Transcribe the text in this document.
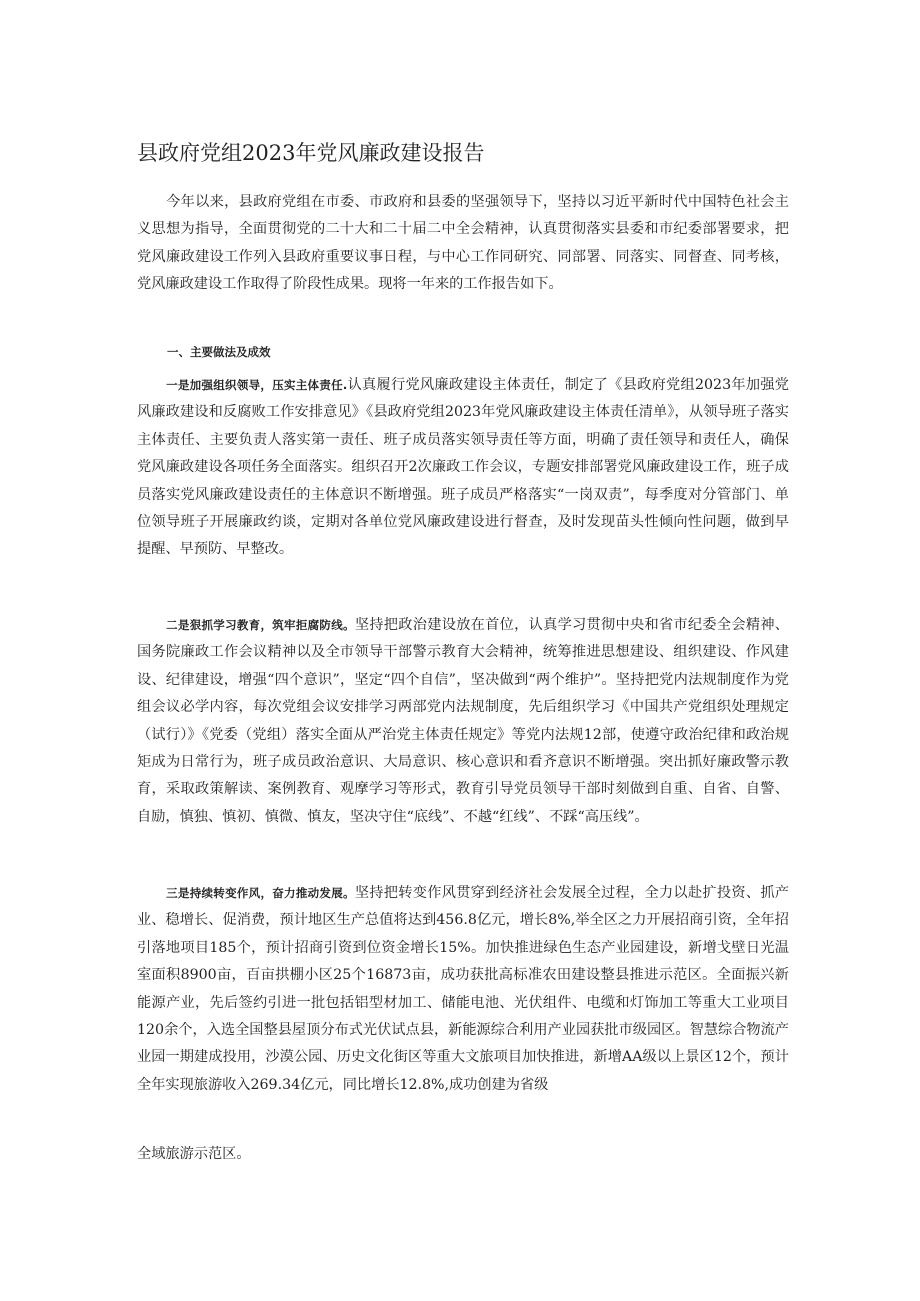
县政府党组2023年党风廉政建设报告

今年以来，县政府党组在市委、市政府和县委的坚强领导下，坚持以习近平新时代中国特色社会主义思想为指导，全面贯彻党的二十大和二十届二中全会精神，认真贯彻落实县委和市纪委部署要求，把党风廉政建设工作列入县政府重要议事日程，与中心工作同研究、同部署、同落实、同督查、同考核，党风廉政建设工作取得了阶段性成果。现将一年来的工作报告如下。

一、主要做法及成效

一是加强组织领导，压实主体责任.认真履行党风廉政建设主体责任，制定了《县政府党组2023年加强党风廉政建设和反腐败工作安排意见》《县政府党组2023年党风廉政建设主体责任清单》，从领导班子落实主体责任、主要负责人落实第一责任、班子成员落实领导责任等方面，明确了责任领导和责任人，确保党风廉政建设各项任务全面落实。组织召开2次廉政工作会议，专题安排部署党风廉政建设工作，班子成员落实党风廉政建设责任的主体意识不断增强。班子成员严格落实“一岗双责”，每季度对分管部门、单位领导班子开展廉政约谈，定期对各单位党风廉政建设进行督查，及时发现苗头性倾向性问题，做到早提醒、早预防、早整改。

二是狠抓学习教育，筑牢拒腐防线。坚持把政治建设放在首位，认真学习贯彻中央和省市纪委全会精神、国务院廉政工作会议精神以及全市领导干部警示教育大会精神，统筹推进思想建设、组织建设、作风建设、纪律建设，增强“四个意识”，坚定“四个自信”，坚决做到“两个维护”。坚持把党内法规制度作为党组会议必学内容，每次党组会议安排学习两部党内法规制度，先后组织学习《中国共产党组织处理规定（试行）》《党委（党组）落实全面从严治党主体责任规定》等党内法规12部，使遵守政治纪律和政治规矩成为日常行为，班子成员政治意识、大局意识、核心意识和看齐意识不断增强。突出抓好廉政警示教育，采取政策解读、案例教育、观摩学习等形式，教育引导党员领导干部时刻做到自重、自省、自警、自励，慎独、慎初、慎微、慎友，坚决守住“底线”、不越“红线”、不踩“高压线”。

三是持续转变作风，奋力推动发展。坚持把转变作风贯穿到经济社会发展全过程，全力以赴扩投资、抓产业、稳增长、促消费，预计地区生产总值将达到456.8亿元，增长8%,举全区之力开展招商引资，全年招引落地项目185个，预计招商引资到位资金增长15%。加快推进绿色生态产业园建设，新增戈壁日光温室面积8900亩，百亩拱棚小区25个16873亩，成功获批高标准农田建设整县推进示范区。全面振兴新能源产业，先后签约引进一批包括铝型材加工、储能电池、光伏组件、电缆和灯饰加工等重大工业项目120余个，入选全国整县屋顶分布式光伏试点县，新能源综合利用产业园获批市级园区。智慧综合物流产业园一期建成投用，沙漠公园、历史文化街区等重大文旅项目加快推进，新增AA级以上景区12个，预计全年实现旅游收入269.34亿元，同比增长12.8%,成功创建为省级

全域旅游示范区。
